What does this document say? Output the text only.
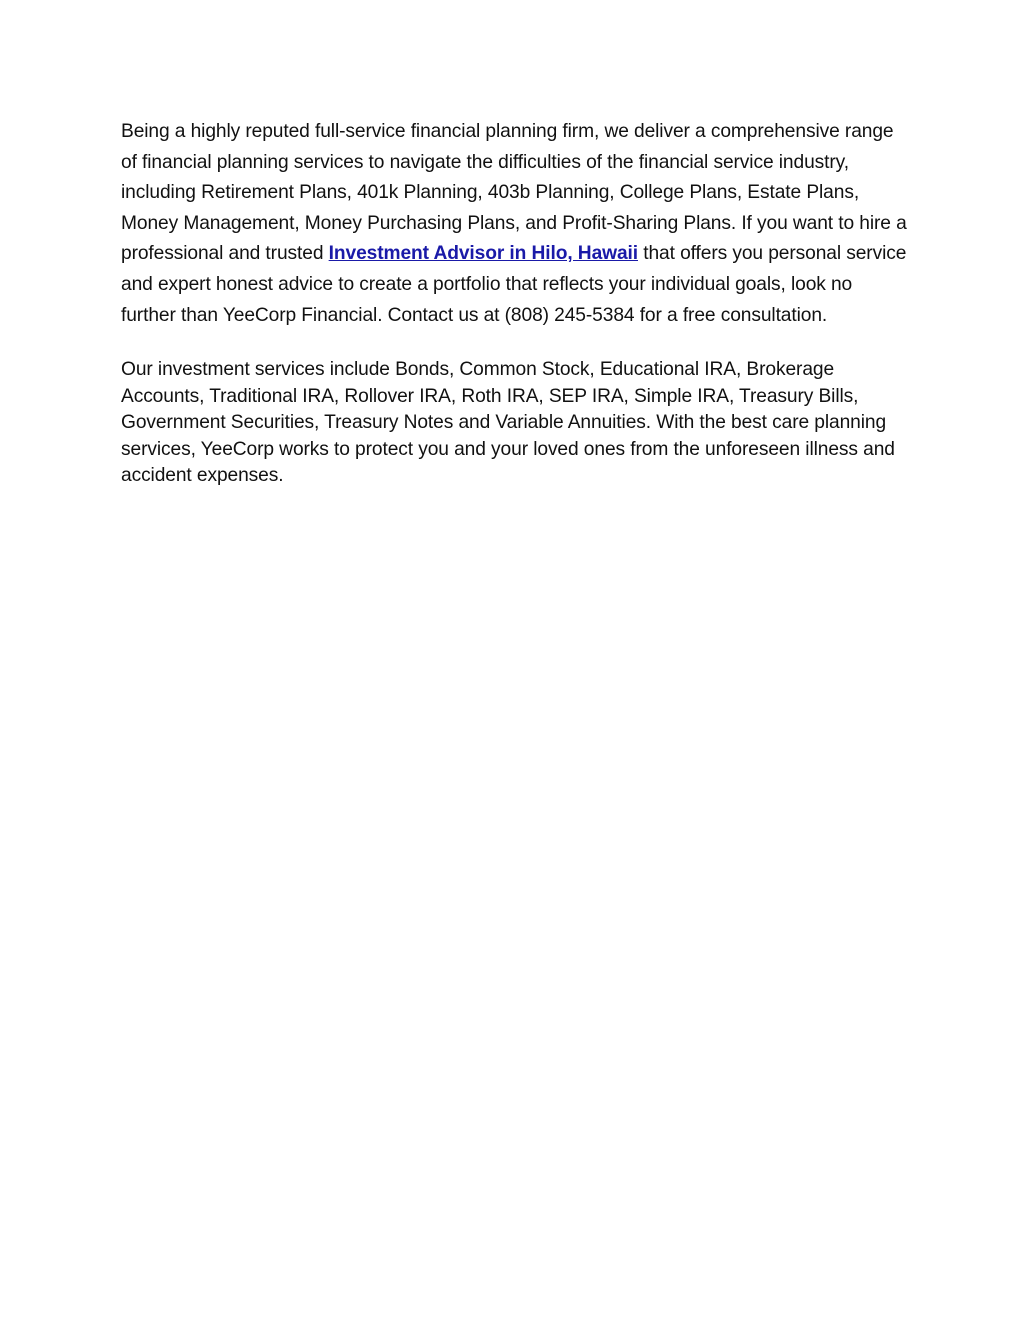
Being a highly reputed full-service financial planning firm, we deliver a comprehensive range of financial planning services to navigate the difficulties of the financial service industry, including Retirement Plans, 401k Planning, 403b Planning, College Plans, Estate Plans, Money Management, Money Purchasing Plans, and Profit-Sharing Plans. If you want to hire a professional and trusted Investment Advisor in Hilo, Hawaii that offers you personal service and expert honest advice to create a portfolio that reflects your individual goals, look no further than YeeCorp Financial. Contact us at (808) 245-5384 for a free consultation.

Our investment services include Bonds, Common Stock, Educational IRA, Brokerage Accounts, Traditional IRA, Rollover IRA, Roth IRA, SEP IRA, Simple IRA, Treasury Bills, Government Securities, Treasury Notes and Variable Annuities. With the best care planning services, YeeCorp works to protect you and your loved ones from the unforeseen illness and accident expenses.
